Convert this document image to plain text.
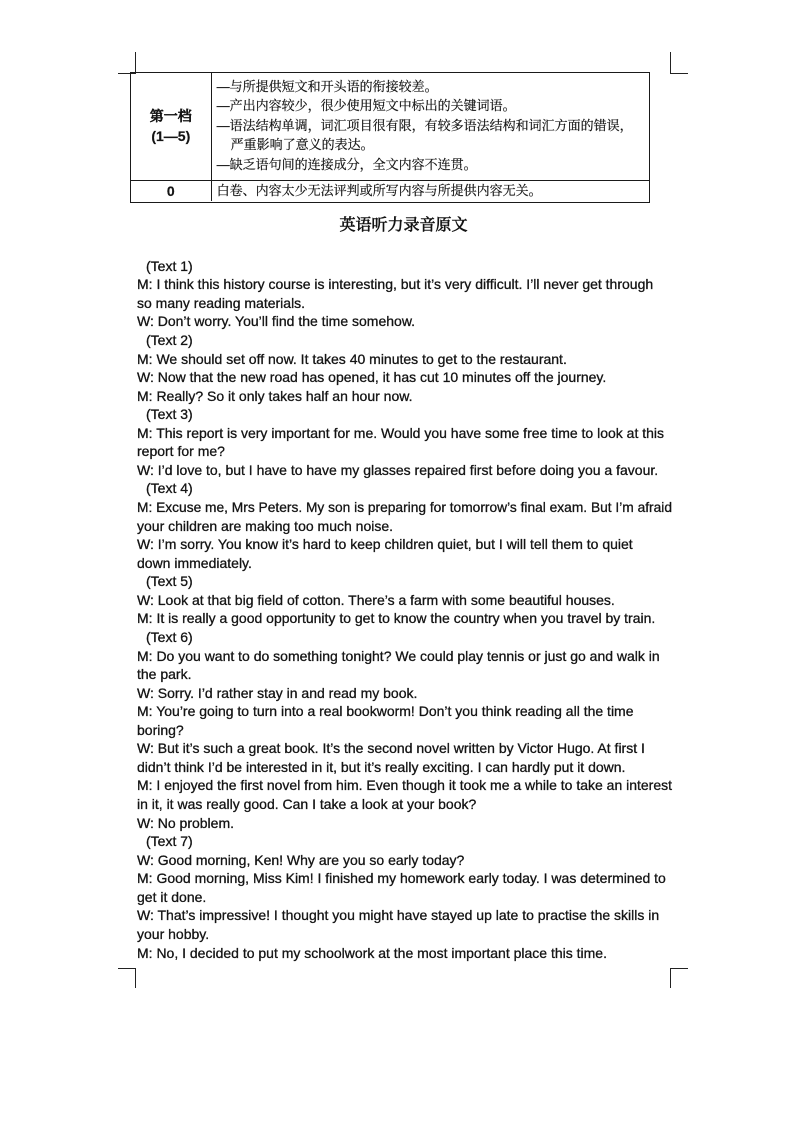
第一档
(1—5)
—与所提供短文和开头语的衔接较差。
—产出内容较少，很少使用短文中标出的关键词语。
—语法结构单调，词汇项目很有限，有较多语法结构和词汇方面的错误，
严重影响了意义的表达。
—缺乏语句间的连接成分，全文内容不连贯。
0	白卷、内容太少无法评判或所写内容与所提供内容无关。
英语听力录音原文
(Text 1)
M: I think this history course is interesting, but it’s very difficult. I’ll never get through
so many reading materials.
W: Don’t worry. You’ll find the time somehow.
(Text 2)
M: We should set off now. It takes 40 minutes to get to the restaurant.
W: Now that the new road has opened, it has cut 10 minutes off the journey.
M: Really? So it only takes half an hour now.
(Text 3)
M: This report is very important for me. Would you have some free time to look at this
report for me?
W: I’d love to, but I have to have my glasses repaired first before doing you a favour.
(Text 4)
M: Excuse me, Mrs Peters. My son is preparing for tomorrow’s final exam. But I’m afraid
your children are making too much noise.
W: I’m sorry. You know it’s hard to keep children quiet, but I will tell them to quiet
down immediately.
(Text 5)
W: Look at that big field of cotton. There’s a farm with some beautiful houses.
M: It is really a good opportunity to get to know the country when you travel by train.
(Text 6)
M: Do you want to do something tonight? We could play tennis or just go and walk in
the park.
W: Sorry. I’d rather stay in and read my book.
M: You’re going to turn into a real bookworm! Don’t you think reading all the time
boring?
W: But it’s such a great book. It’s the second novel written by Victor Hugo. At first I
didn’t think I’d be interested in it, but it’s really exciting. I can hardly put it down.
M: I enjoyed the first novel from him. Even though it took me a while to take an interest
in it, it was really good. Can I take a look at your book?
W: No problem.
(Text 7)
W: Good morning, Ken! Why are you so early today?
M: Good morning, Miss Kim! I finished my homework early today. I was determined to
get it done.
W: That’s impressive! I thought you might have stayed up late to practise the skills in
your hobby.
M: No, I decided to put my schoolwork at the most important place this time.
